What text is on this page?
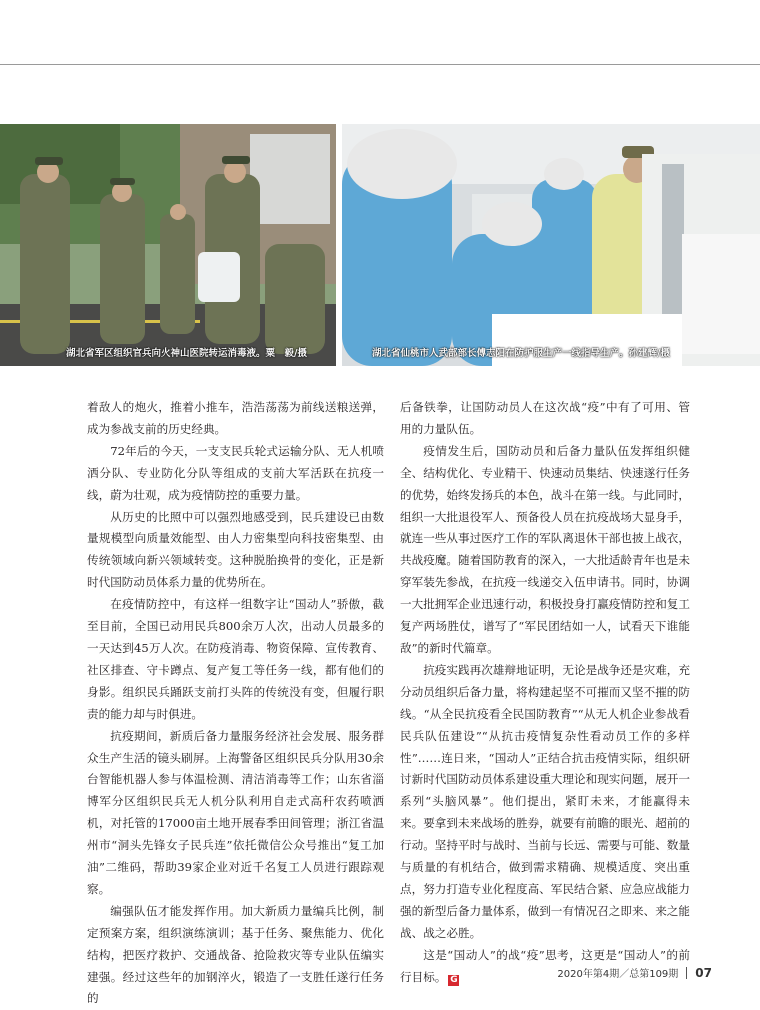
湖北省军区组织官兵向火神山医院转运消毒液。粟　毅/摄	湖北省仙桃市人武部部长傅志阳在防护服生产一线指导生产。孙建辉/摄

着敌人的炮火，推着小推车，浩浩荡荡为前线送粮送弹，成为参战支前的历史经典。

72年后的今天，一支支民兵轮式运输分队、无人机喷洒分队、专业防化分队等组成的支前大军活跃在抗疫一线，蔚为壮观，成为疫情防控的重要力量。

从历史的比照中可以强烈地感受到，民兵建设已由数量规模型向质量效能型、由人力密集型向科技密集型、由传统领域向新兴领域转变。这种脱胎换骨的变化，正是新时代国防动员体系力量的优势所在。

在疫情防控中，有这样一组数字让“国动人”骄傲，截至目前，全国已动用民兵800余万人次，出动人员最多的一天达到45万人次。在防疫消毒、物资保障、宣传教育、社区排查、守卡蹲点、复产复工等任务一线，都有他们的身影。组织民兵踊跃支前打头阵的传统没有变，但履行职责的能力却与时俱进。

抗疫期间，新质后备力量服务经济社会发展、服务群众生产生活的镜头刷屏。上海警备区组织民兵分队用30余台智能机器人参与体温检测、清洁消毒等工作；山东省淄博军分区组织民兵无人机分队利用自走式高秆农药喷洒机，对托管的17000亩土地开展春季田间管理；浙江省温州市“洞头先锋女子民兵连”依托微信公众号推出“复工加油”二维码，帮助39家企业对近千名复工人员进行跟踪观察。

编强队伍才能发挥作用。加大新质力量编兵比例，制定预案方案，组织演练演训；基于任务、聚焦能力、优化结构，把医疗救护、交通战备、抢险救灾等专业队伍编实建强。经过这些年的加钢淬火，锻造了一支胜任遂行任务的

后备铁拳，让国防动员人在这次战“疫”中有了可用、管用的力量队伍。

疫情发生后，国防动员和后备力量队伍发挥组织健全、结构优化、专业精干、快速动员集结、快速遂行任务的优势，始终发扬兵的本色，战斗在第一线。与此同时，组织一大批退役军人、预备役人员在抗疫战场大显身手，就连一些从事过医疗工作的军队离退休干部也披上战衣，共战疫魔。随着国防教育的深入，一大批适龄青年也是未穿军装先参战，在抗疫一线递交入伍申请书。同时，协调一大批拥军企业迅速行动，积极投身打赢疫情防控和复工复产两场胜仗，谱写了“军民团结如一人，试看天下谁能敌”的新时代篇章。

抗疫实践再次雄辩地证明，无论是战争还是灾难，充分动员组织后备力量，将构建起坚不可摧而又坚不摧的防线。“从全民抗疫看全民国防教育”“从无人机企业参战看民兵队伍建设”“从抗击疫情复杂性看动员工作的多样性”……连日来，“国动人”正结合抗击疫情实际，组织研讨新时代国防动员体系建设重大理论和现实问题，展开一系列“头脑风暴”。他们提出，紧盯未来，才能赢得未来。要拿到未来战场的胜券，就要有前瞻的眼光、超前的行动。坚持平时与战时、当前与长远、需要与可能、数量与质量的有机结合，做到需求精确、规模适度、突出重点，努力打造专业化程度高、军民结合紧、应急应战能力强的新型后备力量体系，做到一有情况召之即来、来之能战、战之必胜。

这是“国动人”的战“疫”思考，这更是“国动人”的前行目标。 G	2020年第4期／总第109期 07
